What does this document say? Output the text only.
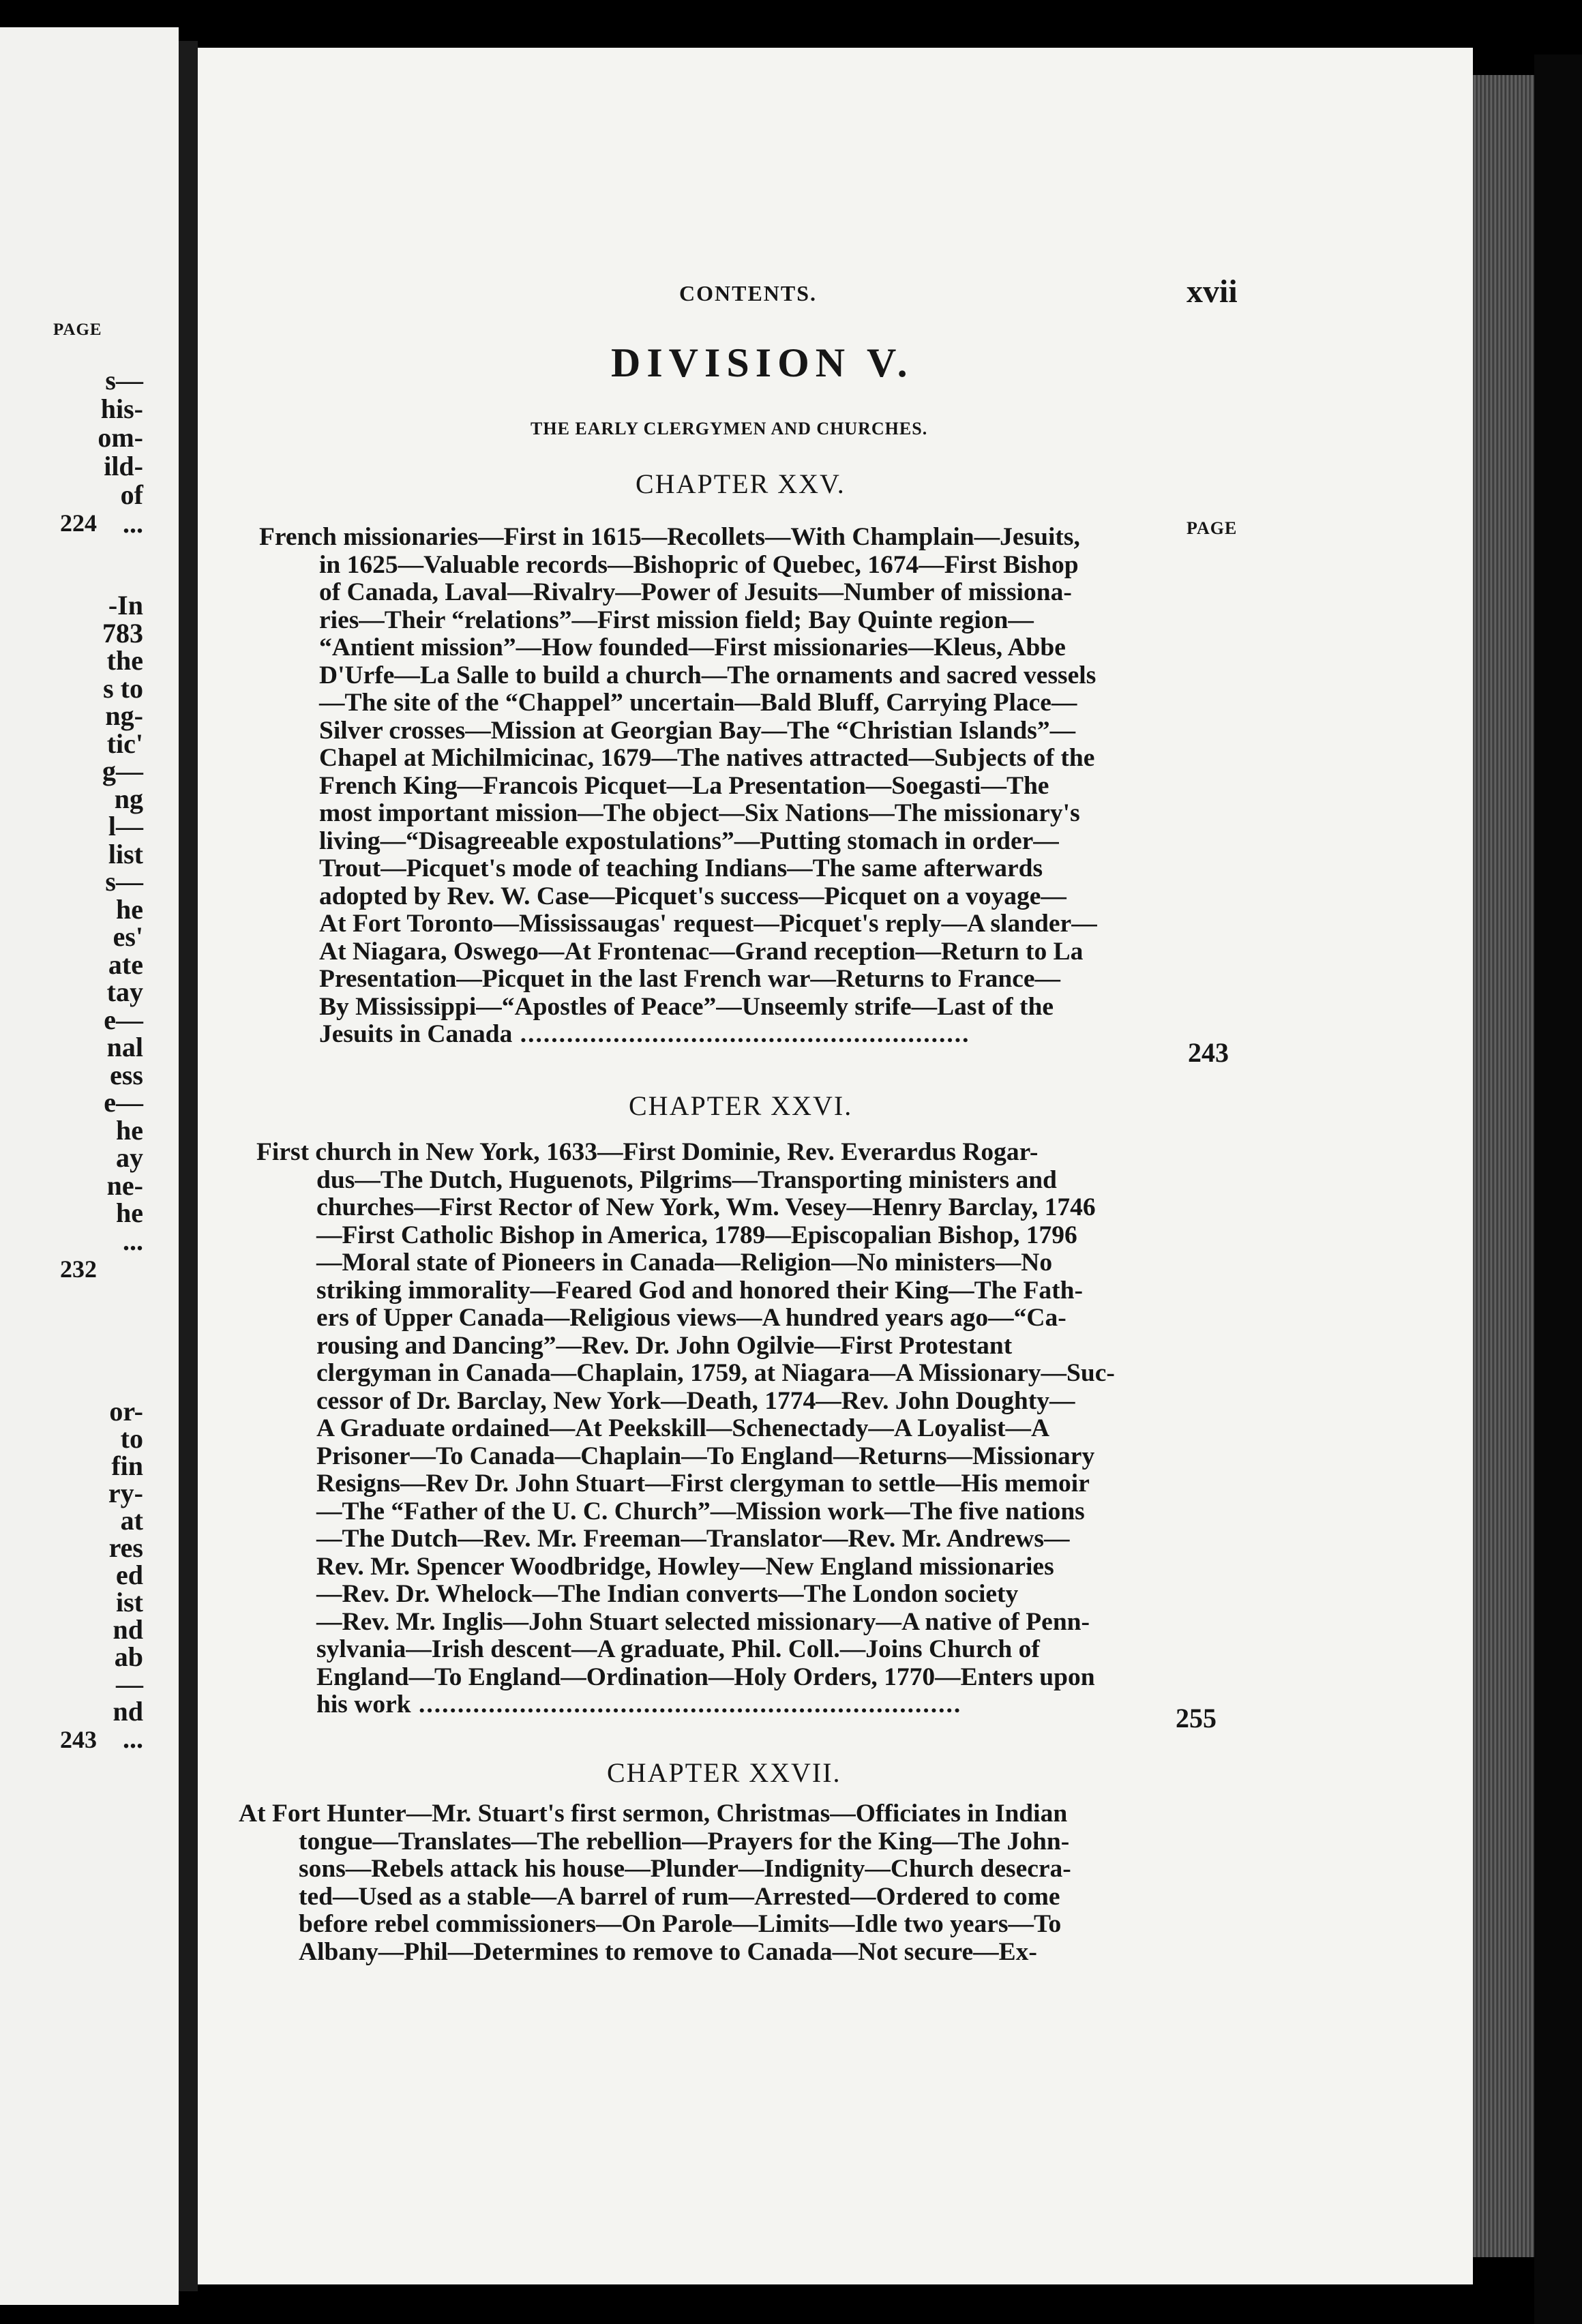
PAGE
s—
his-
om-
ild-
of
...
224
-In
783
the
s to
ng-
tic'
g—
ng
l—
list
s—
he
es'
ate
tay
e—
nal
ess
e—
he
ay
ne-
he
...
232
or-
to
fin
ry-
at
res
ed
ist
nd
ab
—
nd
...
243
CONTENTS.	xvii
DIVISION V.
THE EARLY CLERGYMEN AND CHURCHES.
PAGE
CHAPTER XXV.
French missionaries—First in 1615—Recollets—With Champlain—Jesuits,
in 1625—Valuable records—Bishopric of Quebec, 1674—First Bishop
of Canada, Laval—Rivalry—Power of Jesuits—Number of missiona-
ries—Their “relations”—First mission field; Bay Quinte region—
“Antient mission”—How founded—First missionaries—Kleus, Abbe
D'Urfe—La Salle to build a church—The ornaments and sacred vessels
—The site of the “Chappel” uncertain—Bald Bluff, Carrying Place—
Silver crosses—Mission at Georgian Bay—The “Christian Islands”—
Chapel at Michilmicinac, 1679—The natives attracted—Subjects of the
French King—Francois Picquet—La Presentation—Soegasti—The
most important mission—The object—Six Nations—The missionary's
living—“Disagreeable expostulations”—Putting stomach in order—
Trout—Picquet's mode of teaching Indians—The same afterwards
adopted by Rev. W. Case—Picquet's success—Picquet on a voyage—
At Fort Toronto—Mississaugas' request—Picquet's reply—A slander—
At Niagara, Oswego—At Frontenac—Grand reception—Return to La
Presentation—Picquet in the last French war—Returns to France—
By Mississippi—“Apostles of Peace”—Unseemly strife—Last of the
Jesuits in Canada ..........................................................
243
CHAPTER XXVI.
First church in New York, 1633—First Dominie, Rev. Everardus Rogar-
dus—The Dutch, Huguenots, Pilgrims—Transporting ministers and
churches—First Rector of New York, Wm. Vesey—Henry Barclay, 1746
—First Catholic Bishop in America, 1789—Episcopalian Bishop, 1796
—Moral state of Pioneers in Canada—Religion—No ministers—No
striking immorality—Feared God and honored their King—The Fath-
ers of Upper Canada—Religious views—A hundred years ago—“Ca-
rousing and Dancing”—Rev. Dr. John Ogilvie—First Protestant
clergyman in Canada—Chaplain, 1759, at Niagara—A Missionary—Suc-
cessor of Dr. Barclay, New York—Death, 1774—Rev. John Doughty—
A Graduate ordained—At Peekskill—Schenectady—A Loyalist—A
Prisoner—To Canada—Chaplain—To England—Returns—Missionary
Resigns—Rev Dr. John Stuart—First clergyman to settle—His memoir
—The “Father of the U. C. Church”—Mission work—The five nations
—The Dutch—Rev. Mr. Freeman—Translator—Rev. Mr. Andrews—
Rev. Mr. Spencer Woodbridge, Howley—New England missionaries
—Rev. Dr. Whelock—The Indian converts—The London society
—Rev. Mr. Inglis—John Stuart selected missionary—A native of Penn-
sylvania—Irish descent—A graduate, Phil. Coll.—Joins Church of
England—To England—Ordination—Holy Orders, 1770—Enters upon
his work ......................................................................	255
CHAPTER XXVII.
At Fort Hunter—Mr. Stuart's first sermon, Christmas—Officiates in Indian
tongue—Translates—The rebellion—Prayers for the King—The John-
sons—Rebels attack his house—Plunder—Indignity—Church desecra-
ted—Used as a stable—A barrel of rum—Arrested—Ordered to come
before rebel commissioners—On Parole—Limits—Idle two years—To
Albany—Phil—Determines to remove to Canada—Not secure—Ex-
